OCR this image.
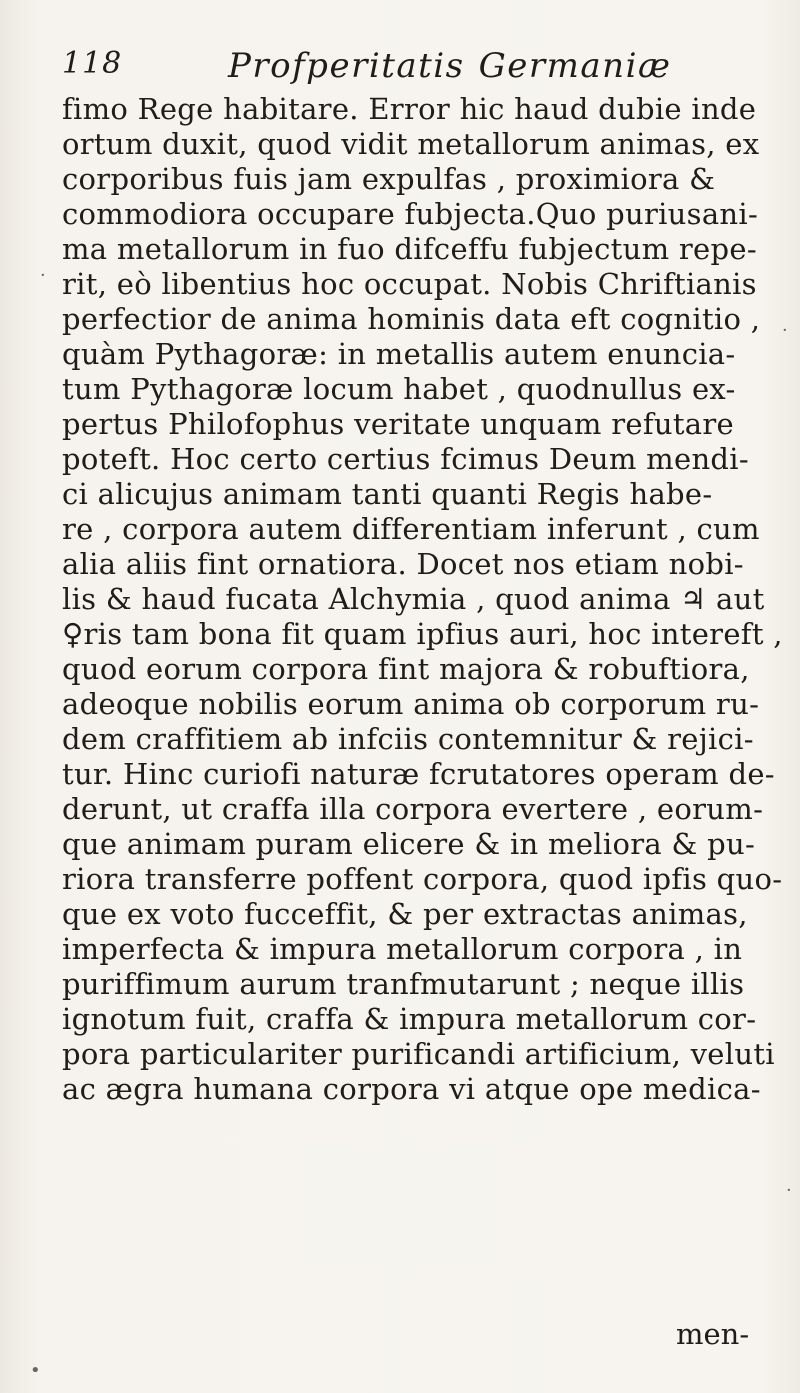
118	Profperitatis Germaniæ
fimo Rege habitare. Error hic haud dubie inde
ortum duxit, quod vidit metallorum animas, ex
corporibus fuis jam expulfas , proximiora &
commodiora occupare fubjecta.Quo puriusani-
ma metallorum in fuo difceffu fubjectum repe-
rit, eò libentius hoc occupat. Nobis Chriftianis
perfectior de anima hominis data eft cognitio ,
quàm Pythagoræ: in metallis autem enuncia-
tum Pythagoræ locum habet , quodnullus ex-
pertus Philofophus veritate unquam refutare
poteft. Hoc certo certius fcimus Deum mendi-
ci alicujus animam tanti quanti Regis habe-
re , corpora autem differentiam inferunt , cum
alia aliis fint ornatiora. Docet nos etiam nobi-
lis & haud fucata Alchymia , quod anima ♃ aut
♀ris tam bona fit quam ipfius auri, hoc intereft ,
quod eorum corpora fint majora & robuftiora,
adeoque nobilis eorum anima ob corporum ru-
dem craffitiem ab infciis contemnitur & rejici-
tur. Hinc curiofi naturæ fcrutatores operam de-
derunt, ut craffa illa corpora evertere , eorum-
que animam puram elicere & in meliora & pu-
riora transferre poffent corpora, quod ipfis quo-
que ex voto fucceffit, & per extractas animas,
imperfecta & impura metallorum corpora , in
puriffimum aurum tranfmutarunt ; neque illis
ignotum fuit, craffa & impura metallorum cor-
pora particulariter purificandi artificium, veluti
ac ægra humana corpora vi atque ope medica-
men-
·
·
·
•
